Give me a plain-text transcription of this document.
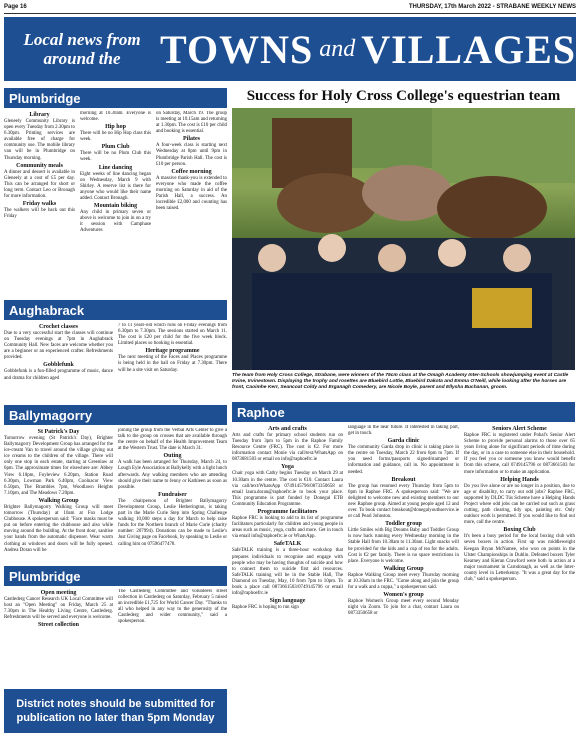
Page 16	THURSDAY, 17th March 2022 - STRABANE WEEKLY NEWS
Local news from
around the TOWNS and VILLAGES
Plumbridge
Library

Gleneely Community Library is open every Tuesday from 2.30pm to 6.30pm. Printing services are available free of charge for community use. The mobile library van will be in Plumbridge on Thursday morning.

Community meals

A dinner and dessert is available in Gleneely at a cost of £5 per day. This can be arranged for short or long term. Contact Leo or Bronagh for more information.

Friday walks

The walkers will be back out this Friday

morning at 10.30am. Everyone is welcome.

Hip hop

There will be no Hip Hop class this week.

Plum Club

There will be no Plum Club this week.

Line dancing

Eight weeks of line dancing began on Wednesday, March 9 with Shirley. A reserve list is there for anyone who would like their name added. Contact Bronagh.

Mountain biking

Any child in primary seven or above is welcome to join in on a try it session with Camphase Adventures

on Saturday, March 19. The group is meeting at 10.15am and returning at 1.30pm. The cost is £10 per child and booking is essential.

Pilates

A four-week class is starting next Wednesday at 8pm until 9pm in Plumbridge Parish Hall. The cost is £10 per person.

Coffee morning

A massive thank-you is extended to everyone who made the coffee morning on Saturday in aid of the Parish Hall, a success. An incredible £2,000 and counting has been raised.

Aughabrack
Crochet classes

Due to a very successful start the classes will continue on Tuesday evenings at 7pm in Aughabrack Community Hall. New faces are welcome whether you are a beginner or an experienced crafter. Refreshments provided.

Gobblefunk

Gobblefunk is a fun-filled programme of music, dance and drama for children aged

7 to 11 years-old which runs on Friday evenings from 6.30pm to 7.30pm. The sessions started on March 11. The cost is £20 per child for the five week block. Limited places so booking is essential.

Heritage programme

The next meeting of the Faces and Places programme is being held in the hall on Friday at 7.30pm. There will be a site visit on Saturday.

Ballymagorry
St Patrick's Day

Tomorrow evening (St Patrick's Day), Brighter Ballymagorry Development Group has arranged for the ice-cream Van to travel around the village giving out ice creams to the children of the village. There will only one stop in each estate, starting at Greenlaw at 6pm. The approximate times for elsewhere are: Abbey View 6.10pm, Foyleview 6.20pm, Station Road 6.30pm, Lowman Park 6.40pm, Coolnacor View 6.50pm, The Brambles 7pm, Woodlawn Heights 7.10pm, and The Meadows 7.20pm.

Walking Group

Brighter Ballymagorry Walking Group will meet tomorrow (Thursday) at 10am at Fox Lodge Clubhouse. A spokesperson said: "Face masks must be put on before entering the clubhouse and also while moving around the building. At the front door, sanitise your hands from the automatic dispenser. Wear warm clothing as windows and doors will be fully opened. Andrea Doran will be

joining the group from the Verbal Arts Center to give a talk to the group on crosses that are available through the centre on behalf of the Health Improvement Team at the Western Trust. The date is March 31.

Outing

A walk has been arranged for Thursday, March 24, to Lough Eyle Association at Ballykelly with a light lunch afterwards. Any walking members who are attending should give their name to Jenny or Kathleen as soon as possible.

Fundraiser

The chairperson of Brighter Ballymagorry Development Group, Leslie Hetherington, is taking part in the Marie Curie Step into Spring Challenge walking 10,000 steps a day for March to help raise funds for the Northern branch of Marie Curie (charity number: 207994). Donations can be made to Leslie's Just Giving page on Facebook, by speaking to Leslie or calling him on 07596477478.

Plumbridge
Open meeting

Castlederg Cancer Research UK Local Committee will host an "Open Meeting" on Friday, March 25 at 7.30pm in The Healthy Living Centre, Castlederg. Refreshments will be served and everyone is welcome.

Street collection

The Castlederg Committee and volunteers street collection in Castlederg on Saturday, February 5 raised an incredible £1,725 for World Cancer Day. "Thanks to all who helped in any way to the generosity of the Castlederg and wider community," said a spokesperson.

District notes should be submitted for publication no later than 5pm Monday
Success for Holy Cross College's equestrian team
The team from Holy Cross College, Strabane, were winners of the 75cm class at the Omagh Academy Inter-Schools showjumping event at Castle Irvine, Irvinestown. Displaying the trophy and rosettes are Bluebird Lottie, Bluebird Dakota and Emma O'Neill, while looking after the horses are front, Caoimhe Kerr, Seancoat Coldy and Erganagh Comedery, are Nicole Boyle, parent and Ellysha Buchanan, groom.
Raphoe
Arts and crafts

Arts and crafts for primary school students run on Tuesday from 3pm to 5pm in the Raphoe Family Resource Centre (FRC). The cost is €2. For more information contact Monie via call/text/WhatsApp on 0873681503 or email on info@raphoefrc.ie

Yoga

Chair yoga with Cathy begins Tuesday on March 29 at 10.30am in the centre. The cost is €10. Contact Laura via call/text/WhatsApp 0749145796/0873350658 or email laura.doran@raphoefrc.ie to book your place. This programme is part funded by Donegal ETB Community Education Programme.

Programme facilitators

Raphoe FRC is looking to add to its list of programme facilitators particularly for children and young people in areas such as music, yoga, crafts and more. Get in touch via email info@raphoefrc.ie or WhatsApp.

SafeTALK

SafeTALK training is a three-hour workshop that prepares individuals to recognise and engage with people who may be having thoughts of suicide and how to connect them to suicide first aid resources. SafeTALK training will be in the Stable Hall, The Diamond on Tuesday, May, 10 from 7pm to 10pm. To book a place call 0873661503/0749145796 or email info@raphoefrc.ie

Sign language

Raphoe FRC is hoping to run sign

language in the near future. If interested in taking part, get in touch.

Garda clinic

The community Garda drop in clinic is taking place in the centre on Tuesday, March 22 from 6pm to 7pm. If you need forms/passports signed/stamped or information and guidance, call in. No appointment is needed.

Breakout

The group has resumed every Thursday from 5pm to 6pm in Raphoe FRC. A spokesperson said: "We are delighted to welcome new and existing members to our new Raphoe group. Aimed at young people aged 12 and over. To book contact breakout@donegalyouthservice.ie or call Pearl Johnston.

Toddler group

Little Smiles with Big Dreams Baby and Toddler Group is now back running every Wednesday morning in the Stable Hall from 10.30am to 11.30am. Light snacks will be provided for the kids and a cup of tea for the adults. Cost is €2 per family. There is no space restrictions in place. Everyone is welcome.

Walking Group

Raphoe Walking Group meet every Thursday morning at 10.30am in the FRC. "Come along and join the group for a walk and a cuppa," a spokesperson said.

Women's group

Raphoe Women's Group meet every second Monday night via Zoom. To join for a chat, contact Laura on 0873350658 or

Seniors Alert Scheme

Raphoe FRC is registered under Pobal's Senior Alert Scheme to provide personal alarms to those over 65 years living alone for significant periods of time during the day, or in a case to someone else in their household. If you feel you or someone you know would benefit from this scheme, call 0749145796 or 0873661503 for more information or to make an application.

Helping Hands

Do you live alone or are no longer in a position, due to age or disability, to carry out odd jobs? Raphoe FRC, supported by DLDC Tús Scheme have a Helping Hands Project where odd jobs can be carried out such as grass cutting, path clearing, tidy ups, painting etc. Only outdoor work is permitted. If you would like to find out more, call the centre.

Boxing Club

It's been a busy period for the local boxing club with seven boxers in action. First up was middleweight Keegan Bryan McNamee, who won on points in the Ulster Championships in Dublin. Defeated boxers Tyler Kearney and Kieran Crawford were both in action at a major tournament in Carndonagh, as well as the Inter-county level in Letterkenny. "It was a great day for the club," said a spokesperson.
